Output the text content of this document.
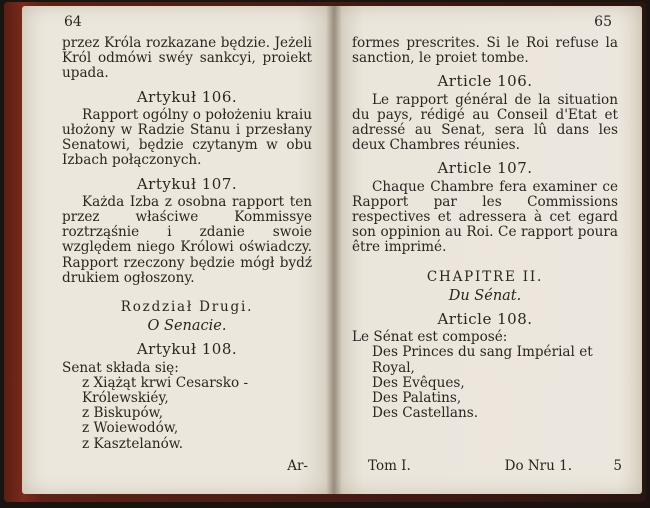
64

przez Króla rozkazane będzie. Jeżeli Król odmówi swéy sankcyi, proiekt upada.

Artykuł 106.

Rapport ogólny o położeniu kraiu ułożony w Radzie Stanu i przesłany Senatowi, będzie czytanym w obu Izbach połączonych.

Artykuł 107.

Każda Izba z osobna rapport ten przez właściwe Kommissye roztrząśnie i zdanie swoie względem niego Królowi oświadczy. Rapport rzeczony będzie mógł bydź drukiem ogłoszony.

Rozdział Drugi.
O Senacie.
Artykuł 108.

Senat składa się:

z Xiążąt krwi Cesarsko - Królewskiéy,
z Biskupów,
z Woiewodów,
z Kasztelanów.
Ar-
65

formes prescrites. Si le Roi refuse la sanction, le proiet tombe.

Article 106.

Le rapport général de la situation du pays, rédigé au Conseil d'Etat et adressé au Senat, sera lû dans les deux Chambres réunies.

Article 107.

Chaque Chambre fera examiner ce Rapport par les Commissions respectives et adressera à cet egard son oppinion au Roi. Ce rapport poura être imprimé.

CHAPITRE II.
Du Sénat.
Article 108.

Le Sénat est composé:

Des Princes du sang Impérial et Royal,
Des Evêques,
Des Palatins,
Des Castellans.
Tom I.	Do Nru 1.	5
